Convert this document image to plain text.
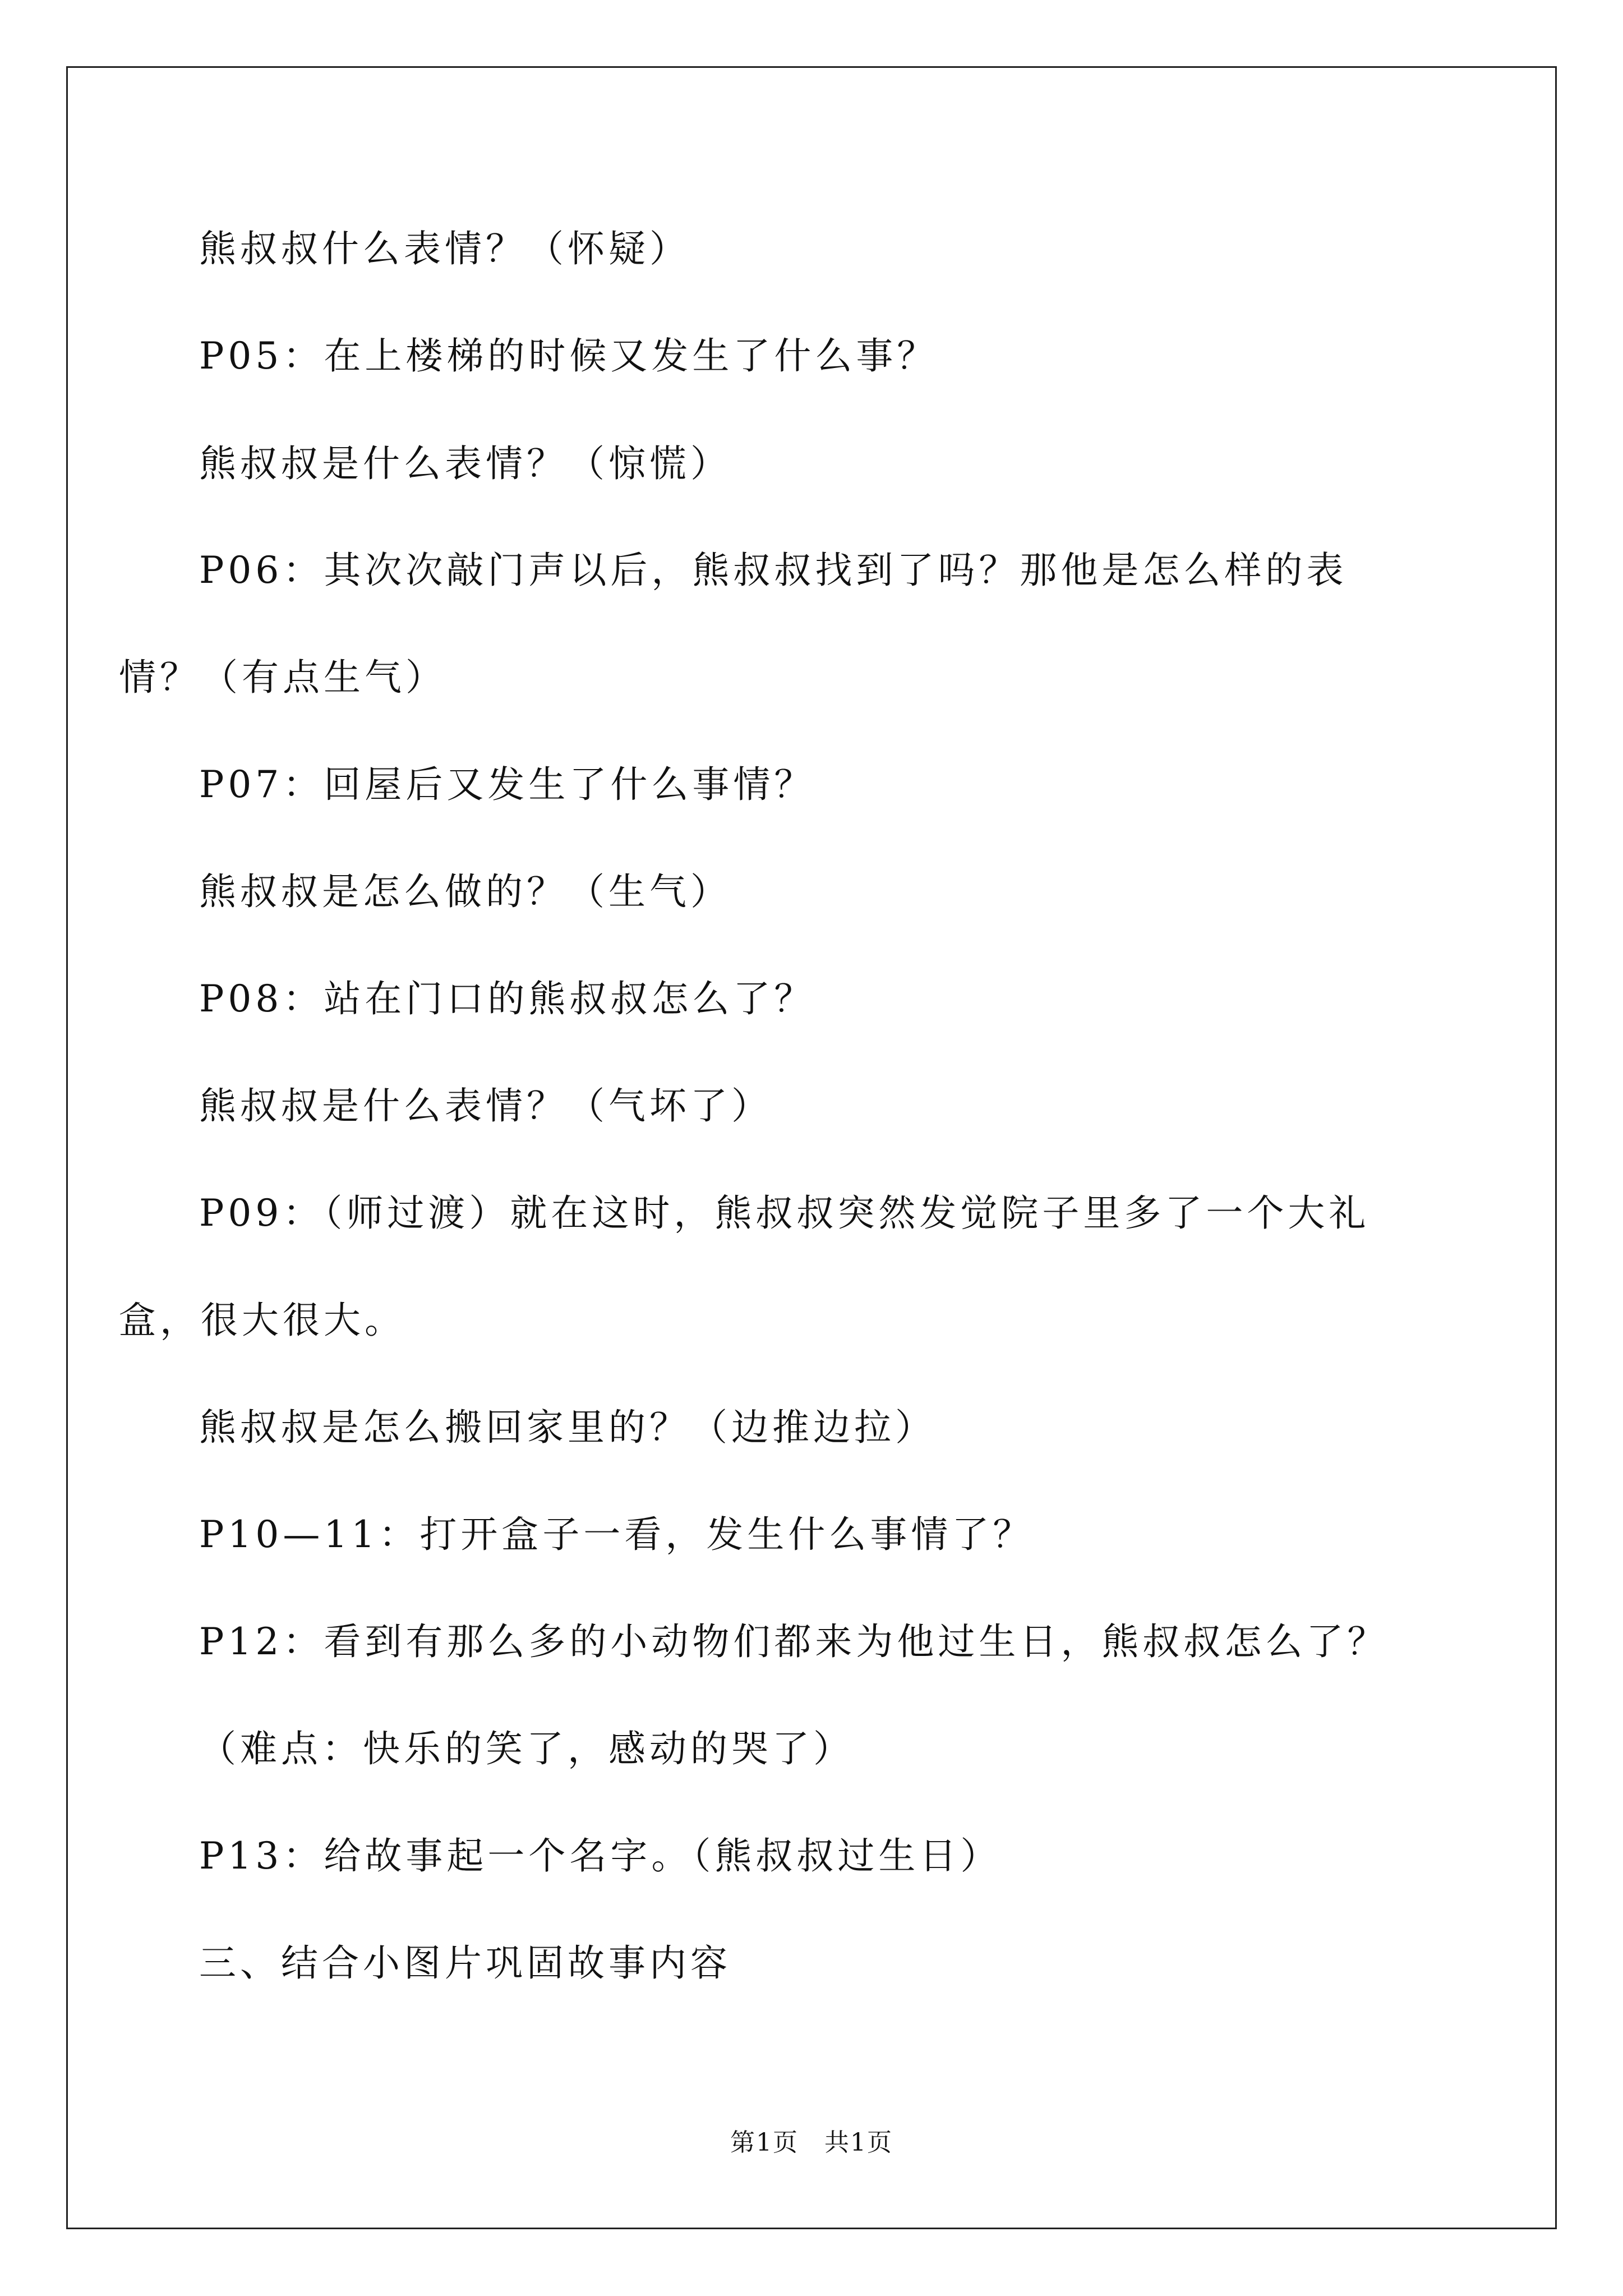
熊叔叔什么表情？（怀疑）
P05：在上楼梯的时候又发生了什么事？
熊叔叔是什么表情？（惊慌）
P06：其次次敲门声以后，熊叔叔找到了吗？那他是怎么样的表
情？（有点生气）
P07：回屋后又发生了什么事情？
熊叔叔是怎么做的？（生气）
P08：站在门口的熊叔叔怎么了？
熊叔叔是什么表情？（气坏了）
P09：（师过渡）就在这时，熊叔叔突然发觉院子里多了一个大礼
盒，很大很大。
熊叔叔是怎么搬回家里的？（边推边拉）
P10—11：打开盒子一看，发生什么事情了？
P12：看到有那么多的小动物们都来为他过生日，熊叔叔怎么了？
（难点：快乐的笑了，感动的哭了）
P13：给故事起一个名字。（熊叔叔过生日）
三、结合小图片巩固故事内容
第1页　共1页
